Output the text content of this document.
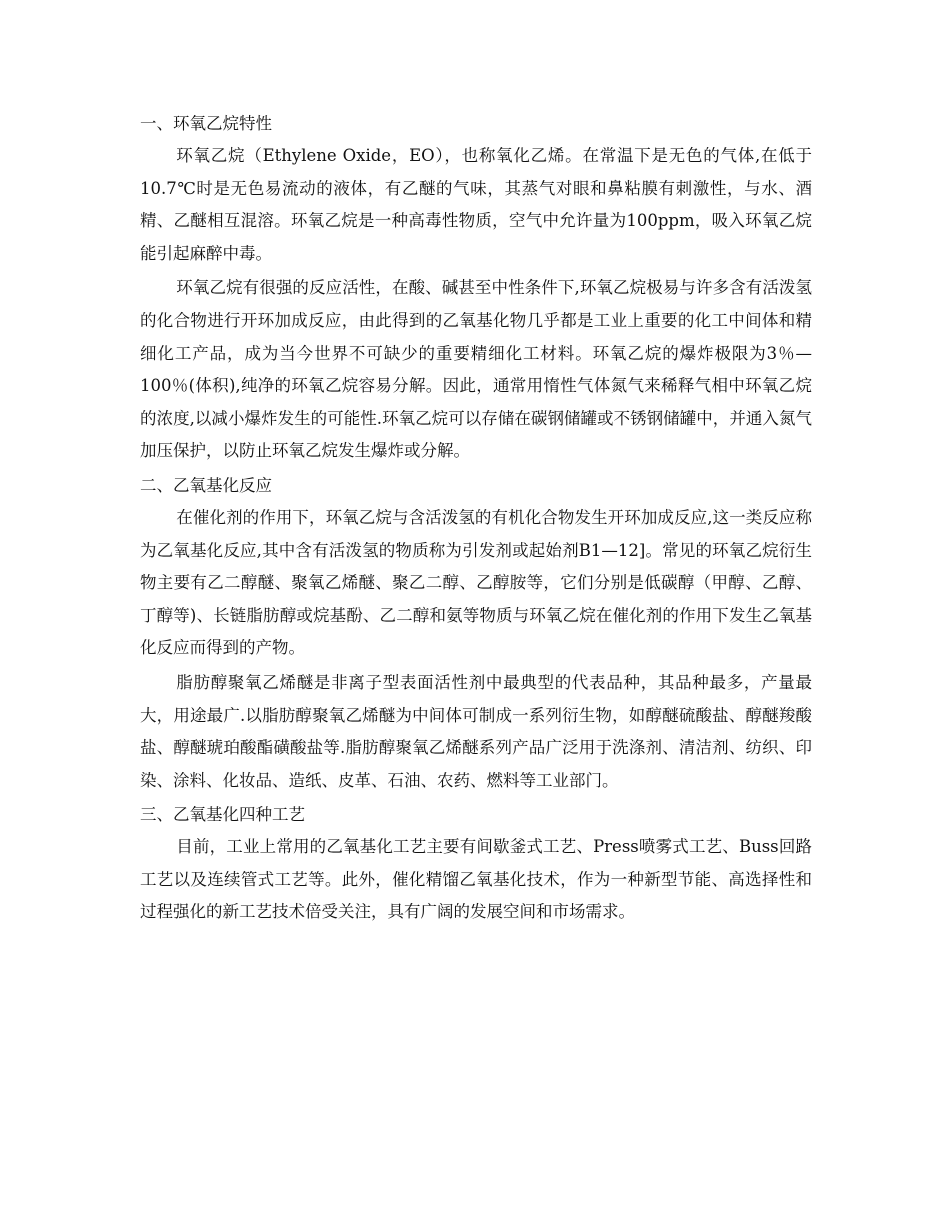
一、环氧乙烷特性

环氧乙烷（Ethylene Oxide，EO），也称氧化乙烯。在常温下是无色的气体,在低于10.7℃时是无色易流动的液体，有乙醚的气味，其蒸气对眼和鼻粘膜有刺激性，与水、酒精、乙醚相互混溶。环氧乙烷是一种高毒性物质，空气中允许量为100ppm，吸入环氧乙烷能引起麻醉中毒。

环氧乙烷有很强的反应活性，在酸、碱甚至中性条件下,环氧乙烷极易与许多含有活泼氢的化合物进行开环加成反应，由此得到的乙氧基化物几乎都是工业上重要的化工中间体和精细化工产品，成为当今世界不可缺少的重要精细化工材料。环氧乙烷的爆炸极限为3％—100％(体积),纯净的环氧乙烷容易分解。因此，通常用惰性气体氮气来稀释气相中环氧乙烷的浓度,以减小爆炸发生的可能性.环氧乙烷可以存储在碳钢储罐或不锈钢储罐中，并通入氮气加压保护，以防止环氧乙烷发生爆炸或分解。

二、乙氧基化反应

在催化剂的作用下，环氧乙烷与含活泼氢的有机化合物发生开环加成反应,这一类反应称为乙氧基化反应,其中含有活泼氢的物质称为引发剂或起始剂B1—12]。常见的环氧乙烷衍生物主要有乙二醇醚、聚氧乙烯醚、聚乙二醇、乙醇胺等，它们分别是低碳醇（甲醇、乙醇、丁醇等)、长链脂肪醇或烷基酚、乙二醇和氨等物质与环氧乙烷在催化剂的作用下发生乙氧基化反应而得到的产物。

脂肪醇聚氧乙烯醚是非离子型表面活性剂中最典型的代表品种，其品种最多，产量最大，用途最广.以脂肪醇聚氧乙烯醚为中间体可制成一系列衍生物，如醇醚硫酸盐、醇醚羧酸盐、醇醚琥珀酸酯磺酸盐等.脂肪醇聚氧乙烯醚系列产品广泛用于洗涤剂、清洁剂、纺织、印染、涂料、化妆品、造纸、皮革、石油、农药、燃料等工业部门。

三、乙氧基化四种工艺

目前，工业上常用的乙氧基化工艺主要有间歇釜式工艺、Press喷雾式工艺、Buss回路工艺以及连续管式工艺等。此外，催化精馏乙氧基化技术，作为一种新型节能、高选择性和过程强化的新工艺技术倍受关注，具有广阔的发展空间和市场需求。
